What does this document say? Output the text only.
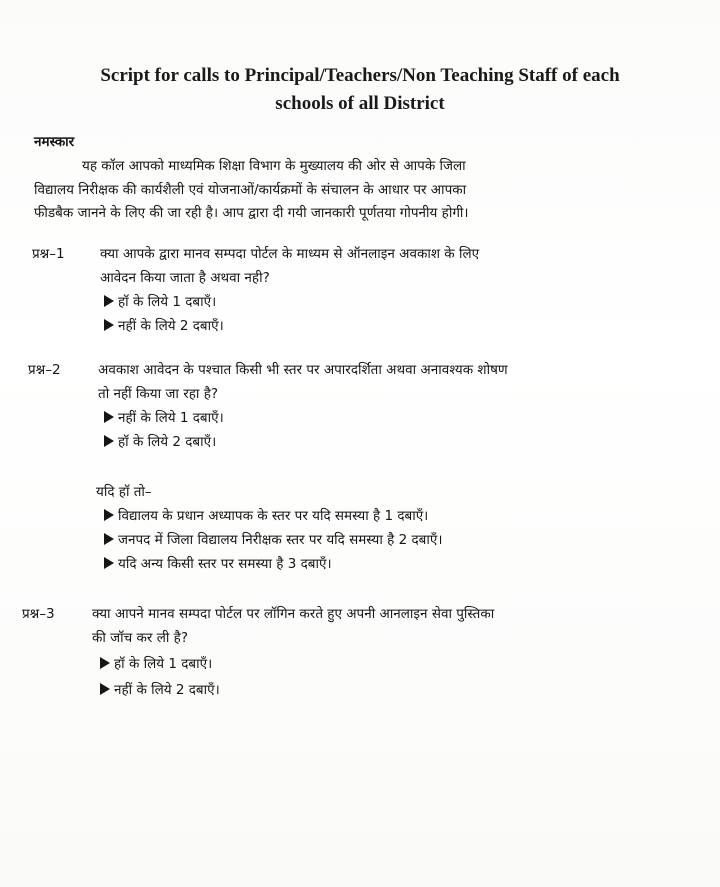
Script for calls to Principal/Teachers/Non Teaching Staff of each
schools of all District
नमस्कार
यह कॉल आपको माध्यमिक शिक्षा विभाग के मुख्यालय की ओर से आपके जिला
विद्यालय निरीक्षक की कार्यशैली एवं योजनाओं/कार्यक्रमों के संचालन के आधार पर आपका
फीडबैक जानने के लिए की जा रही है। आप द्वारा दी गयी जानकारी पूर्णतया गोपनीय होगी।
प्रश्न–1	क्या आपके द्वारा मानव सम्पदा पोर्टल के माध्यम से ऑनलाइन अवकाश के लिए
आवेदन किया जाता है अथवा नही?
हॉ के लिये 1 दबाएँ।
नहीं के लिये 2 दबाएँ।
प्रश्न–2	अवकाश आवेदन के पश्चात किसी भी स्तर पर अपारदर्शिता अथवा अनावश्यक शोषण
तो नहीं किया जा रहा है?
नहीं के लिये 1 दबाएँ।
हॉ के लिये 2 दबाएँ।
यदि हॉ तो–
विद्यालय के प्रधान अध्यापक के स्तर पर यदि समस्या है 1 दबाएँ।
जनपद में जिला विद्यालय निरीक्षक स्तर पर यदि समस्या है 2 दबाएँ।
यदि अन्य किसी स्तर पर समस्या है 3 दबाएँ।
प्रश्न–3	क्या आपने मानव सम्पदा पोर्टल पर लॉगिन करते हुए अपनी आनलाइन सेवा पुस्तिका
की जॉच कर ली है?
हॉ के लिये 1 दबाएँ।
नहीं के लिये 2 दबाएँ।
